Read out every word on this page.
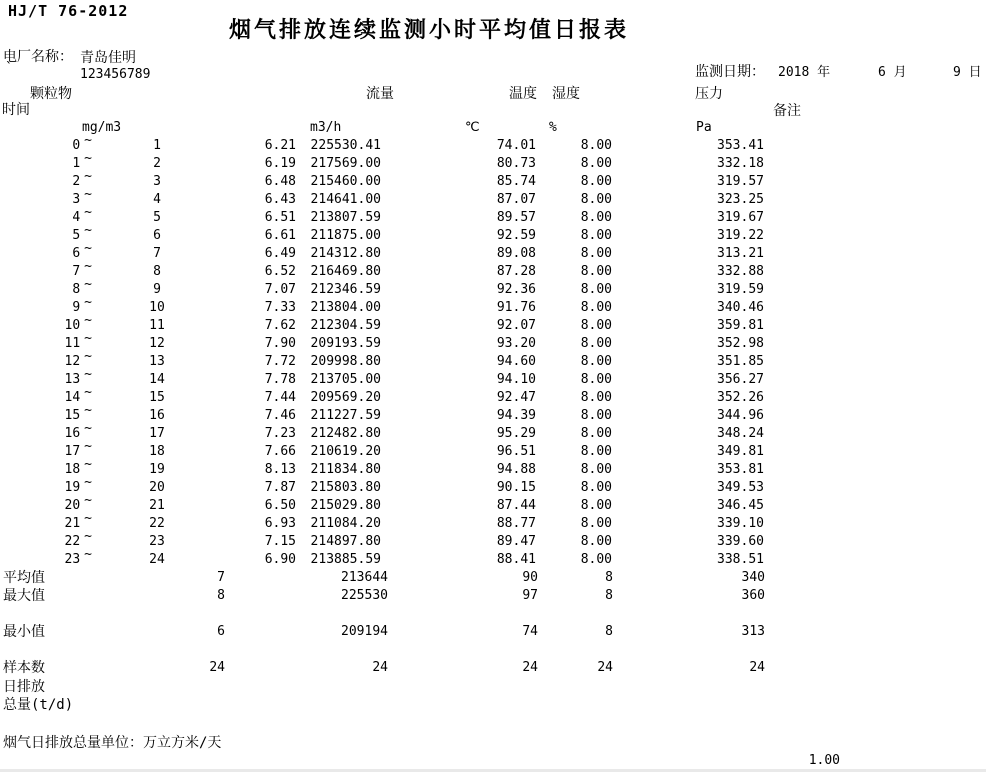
HJ/T 76-2012
烟气排放连续监测小时平均值日报表
电厂名称： 青岛佳明
`	123456789	监测日期： 2018 年	6 月	9 日
颗粒物	流量	温度 湿度	压力
时间	备注
mg/m3	m3/h	℃	%	Pa
0 ~	1	6.21	225530.41	74.01	8.00	353.41
1 ~	2	6.19	217569.00	80.73	8.00	332.18
2 ~	3	6.48	215460.00	85.74	8.00	319.57
3 ~	4	6.43	214641.00	87.07	8.00	323.25
4 ~	5	6.51	213807.59	89.57	8.00	319.67
5 ~	6	6.61	211875.00	92.59	8.00	319.22
6 ~	7	6.49	214312.80	89.08	8.00	313.21
7 ~	8	6.52	216469.80	87.28	8.00	332.88
8 ~	9	7.07	212346.59	92.36	8.00	319.59
9 ~	10	7.33	213804.00	91.76	8.00	340.46
10 ~	11	7.62	212304.59	92.07	8.00	359.81
11 ~	12	7.90	209193.59	93.20	8.00	352.98
12 ~	13	7.72	209998.80	94.60	8.00	351.85
13 ~	14	7.78	213705.00	94.10	8.00	356.27
14 ~	15	7.44	209569.20	92.47	8.00	352.26
15 ~	16	7.46	211227.59	94.39	8.00	344.96
16 ~	17	7.23	212482.80	95.29	8.00	348.24
17 ~	18	7.66	210619.20	96.51	8.00	349.81
18 ~	19	8.13	211834.80	94.88	8.00	353.81
19 ~	20	7.87	215803.80	90.15	8.00	349.53
20 ~	21	6.50	215029.80	87.44	8.00	346.45
21 ~	22	6.93	211084.20	88.77	8.00	339.10
22 ~	23	7.15	214897.80	89.47	8.00	339.60
23 ~	24	6.90	213885.59	88.41	8.00	338.51
平均值	7	213644	90	8	340
最大值	8	225530	97	8	360
最小值	6	209194	74	8	313
样本数	24	24	24	24	24
日排放
总量(t/d)
烟气日排放总量单位：万立方米/天
1.00
